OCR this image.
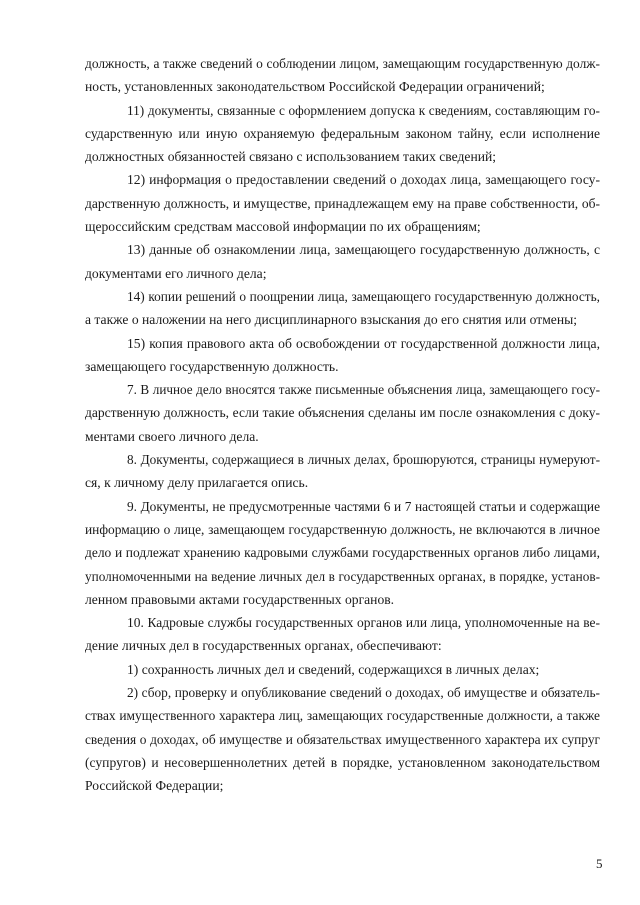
должность, а также сведений о соблюдении лицом, замещающим государственную долж-
ность, установленных законодательством Российской Федерации ограничений;
11) документы, связанные с оформлением допуска к сведениям, составляющим го-
сударственную или иную охраняемую федеральным законом тайну, если исполнение
должностных обязанностей связано с использованием таких сведений;
12) информация о предоставлении сведений о доходах лица, замещающего госу-
дарственную должность, и имуществе, принадлежащем ему на праве собственности, об-
щероссийским средствам массовой информации по их обращениям;
13) данные об ознакомлении лица, замещающего государственную должность, с
документами его личного дела;
14) копии решений о поощрении лица, замещающего государственную должность,
а также о наложении на него дисциплинарного взыскания до его снятия или отмены;
15) копия правового акта об освобождении от государственной должности лица,
замещающего государственную должность.
7. В личное дело вносятся также письменные объяснения лица, замещающего госу-
дарственную должность, если такие объяснения сделаны им после ознакомления с доку-
ментами своего личного дела.
8. Документы, содержащиеся в личных делах, брошюруются, страницы нумеруют-
ся, к личному делу прилагается опись.
9. Документы, не предусмотренные частями 6 и 7 настоящей статьи и содержащие
информацию о лице, замещающем государственную должность, не включаются в личное
дело и подлежат хранению кадровыми службами государственных органов либо лицами,
уполномоченными на ведение личных дел в государственных органах, в порядке, установ-
ленном правовыми актами государственных органов.
10. Кадровые службы государственных органов или лица, уполномоченные на ве-
дение личных дел в государственных органах, обеспечивают:
1) сохранность личных дел и сведений, содержащихся в личных делах;
2) сбор, проверку и опубликование сведений о доходах, об имуществе и обязатель-
ствах имущественного характера лиц, замещающих государственные должности, а также
сведения о доходах, об имуществе и обязательствах имущественного характера их супруг
(супругов) и несовершеннолетних детей в порядке, установленном законодательством
Российской Федерации;
5
